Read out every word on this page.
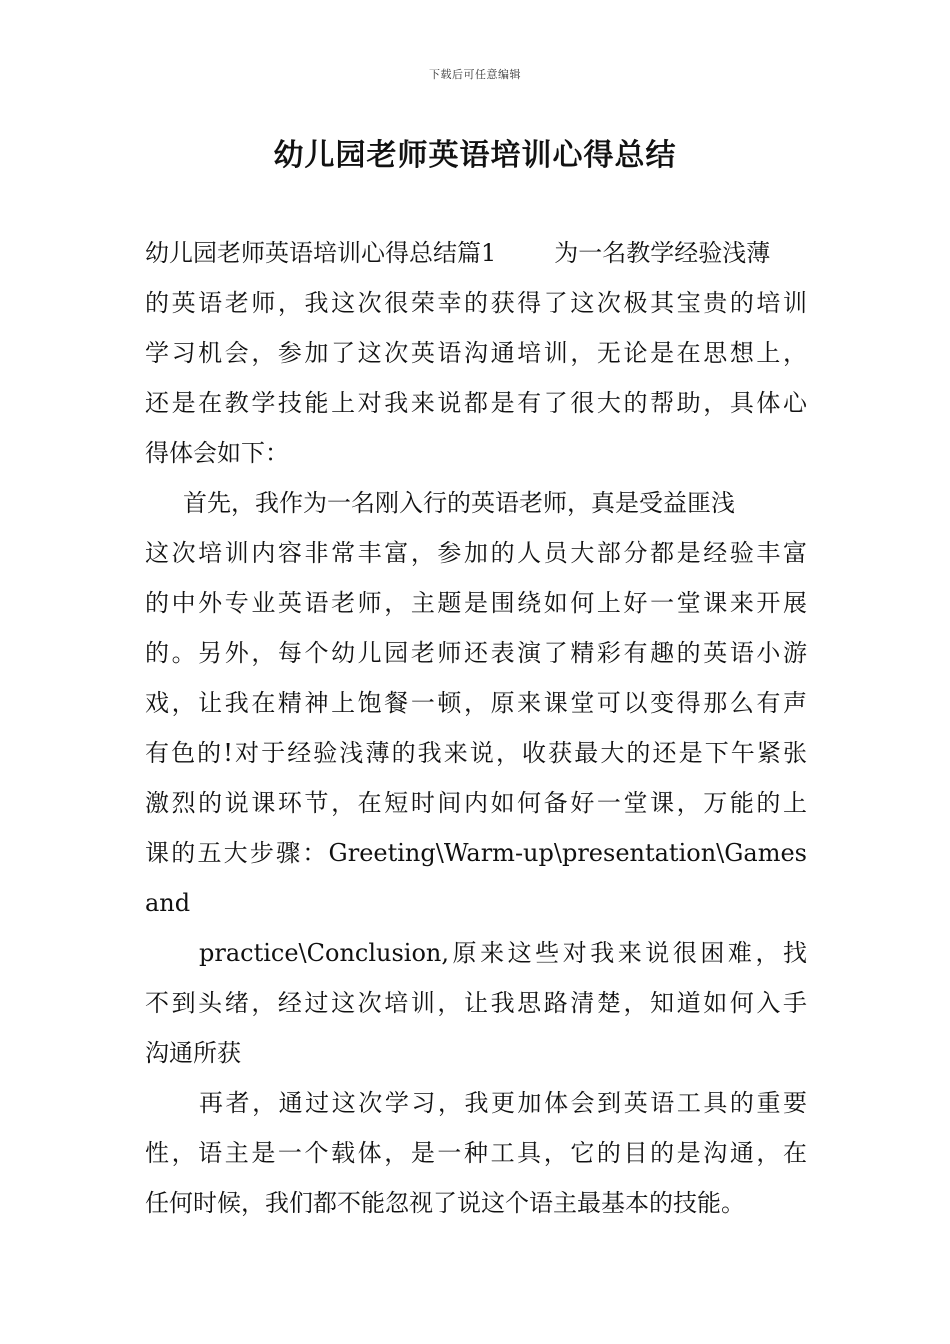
下载后可任意编辑
幼儿园老师英语培训心得总结
幼儿园老师英语培训心得总结篇1 为一名教学经验浅薄
的英语老师，我这次很荣幸的获得了这次极其宝贵的培训
学习机会，参加了这次英语沟通培训，无论是在思想上，
还是在教学技能上对我来说都是有了很大的帮助，具体心
得体会如下：
首先，我作为一名刚入行的英语老师，真是受益匪浅
这次培训内容非常丰富，参加的人员大部分都是经验丰富
的中外专业英语老师，主题是围绕如何上好一堂课来开展
的。另外，每个幼儿园老师还表演了精彩有趣的英语小游
戏，让我在精神上饱餐一顿，原来课堂可以变得那么有声
有色的!对于经验浅薄的我来说，收获最大的还是下午紧张
激烈的说课环节，在短时间内如何备好一堂课，万能的上
课的五大步骤：Greeting\Warm-up\presentation\Games
and
practice\Conclusion,原来这些对我来说很困难，找
不到头绪，经过这次培训，让我思路清楚，知道如何入手
沟通所获
再者，通过这次学习，我更加体会到英语工具的重要
性，语主是一个载体，是一种工具，它的目的是沟通，在
任何时候，我们都不能忽视了说这个语主最基本的技能。
